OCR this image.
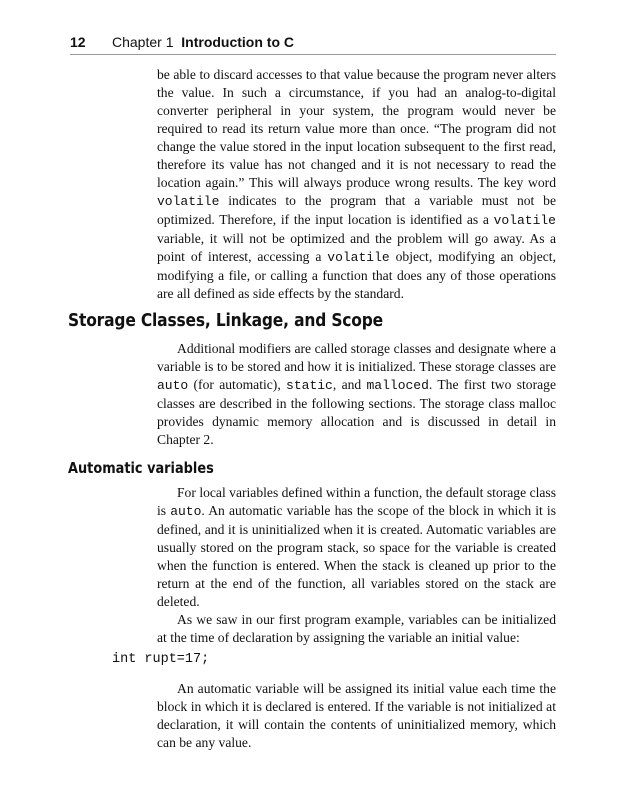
12 Chapter 1 Introduction to C

be able to discard accesses to that value because the program never alters the value. In such a circumstance, if you had an analog-to-digital converter peripheral in your system, the program would never be required to read its return value more than once. “The program did not change the value stored in the input location subsequent to the first read, therefore its value has not changed and it is not necessary to read the location again.” This will always produce wrong results. The key word volatile indicates to the program that a variable must not be optimized. Therefore, if the input location is identified as a volatile variable, it will not be optimized and the problem will go away. As a point of interest, accessing a volatile object, modifying an object, modifying a file, or calling a function that does any of those operations are all defined as side effects by the standard.

Storage Classes, Linkage, and Scope

Additional modifiers are called storage classes and designate where a variable is to be stored and how it is initialized. These storage classes are auto (for automatic), static, and malloced. The first two storage classes are described in the following sections. The storage class malloc provides dynamic memory allocation and is discussed in detail in Chapter 2.

Automatic variables

For local variables defined within a function, the default storage class is auto. An automatic variable has the scope of the block in which it is defined, and it is uninitialized when it is created. Automatic variables are usually stored on the program stack, so space for the variable is created when the function is entered. When the stack is cleaned up prior to the return at the end of the function, all variables stored on the stack are deleted.

As we saw in our first program example, variables can be initialized at the time of declaration by assigning the variable an initial value:

int rupt=17;

An automatic variable will be assigned its initial value each time the block in which it is declared is entered. If the variable is not initialized at declaration, it will contain the contents of uninitialized memory, which can be any value.
